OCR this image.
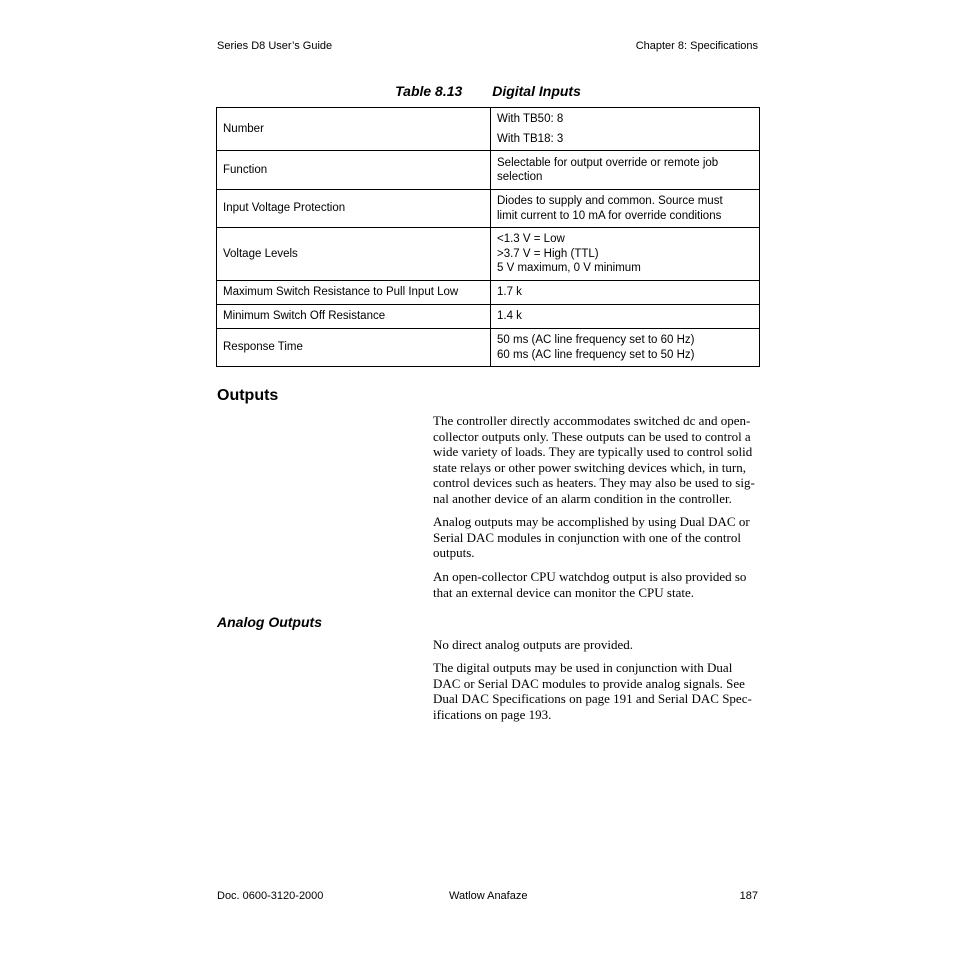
Series D8 User’s Guide	Chapter 8: Specifications
Table 8.13 Digital Inputs
Number	With TB50: 8
With TB18: 3

Function	Selectable for output override or remote job
selection

Input Voltage Protection	Diodes to supply and common. Source must
limit current to 10 mA for override conditions

Voltage Levels	<1.3 V = Low
>3.7 V = High (TTL)
5 V maximum, 0 V minimum

Maximum Switch Resistance to Pull Input Low	1.7 k

Minimum Switch Off Resistance	1.4 k

Response Time	50 ms (AC line frequency set to 60 Hz)
60 ms (AC line frequency set to 50 Hz)
Outputs

The controller directly accommodates switched dc and open-
collector outputs only. These outputs can be used to control a
wide variety of loads. They are typically used to control solid
state relays or other power switching devices which, in turn,
control devices such as heaters. They may also be used to sig-
nal another device of an alarm condition in the controller.

Analog outputs may be accomplished by using Dual DAC or
Serial DAC modules in conjunction with one of the control
outputs.

An open-collector CPU watchdog output is also provided so
that an external device can monitor the CPU state.

Analog Outputs

No direct analog outputs are provided.

The digital outputs may be used in conjunction with Dual
DAC or Serial DAC modules to provide analog signals. See
Dual DAC Specifications on page 191 and Serial DAC Spec-
ifications on page 193.

Doc. 0600-3120-2000	Watlow Anafaze	187
